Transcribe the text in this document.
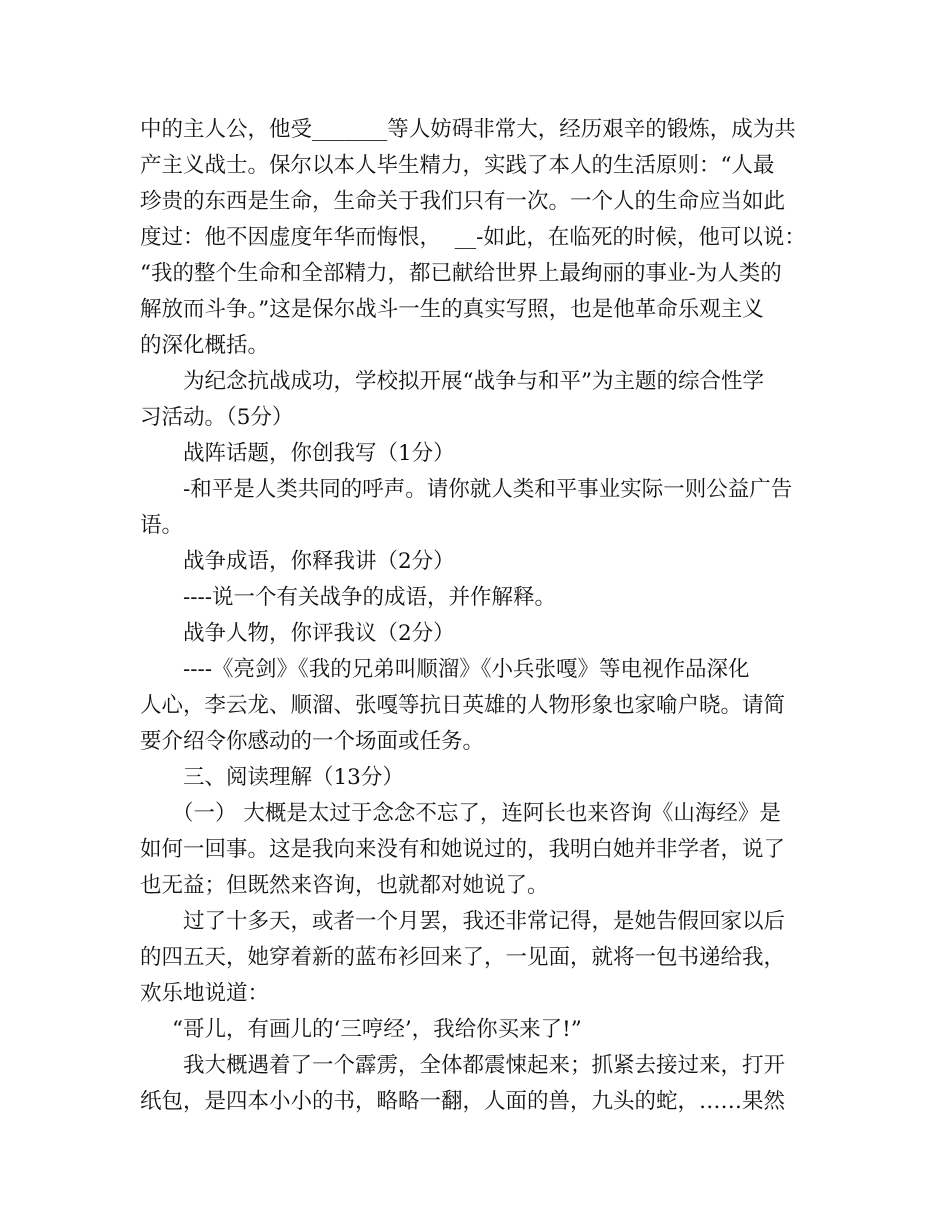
中的主人公，他受_______等人妨碍非常大，经历艰辛的锻炼，成为共

产主义战士。保尔以本人毕生精力，实践了本人的生活原则：“人最

珍贵的东西是生命，生命关于我们只有一次。一个人的生命应当如此

度过：他不因虚度年华而悔恨，  __-如此，在临死的时候，他可以说：

“我的整个生命和全部精力，都已献给世界上最绚丽的事业-为人类的

解放而斗争。”这是保尔战斗一生的真实写照，也是他革命乐观主义

的深化概括。

为纪念抗战成功，学校拟开展“战争与和平”为主题的综合性学

习活动。（5分）

战阵话题，你创我写（1分）

-和平是人类共同的呼声。请你就人类和平事业实际一则公益广告

语。

战争成语，你释我讲（2分）

----说一个有关战争的成语，并作解释。

战争人物，你评我议（2分）

----《亮剑》《我的兄弟叫顺溜》《小兵张嘎》等电视作品深化

人心，李云龙、顺溜、张嘎等抗日英雄的人物形象也家喻户晓。请简

要介绍令你感动的一个场面或任务。

三、阅读理解（13分）

（一） 大概是太过于念念不忘了，连阿长也来咨询《山海经》是

如何一回事。这是我向来没有和她说过的，我明白她并非学者，说了

也无益；但既然来咨询，也就都对她说了。

过了十多天，或者一个月罢，我还非常记得，是她告假回家以后

的四五天，她穿着新的蓝布衫回来了，一见面，就将一包书递给我，

欢乐地说道：

“哥儿，有画儿的‘三哼经’，我给你买来了!”

我大概遇着了一个霹雳，全体都震悚起来；抓紧去接过来，打开

纸包，是四本小小的书，略略一翻，人面的兽，九头的蛇，……果然
